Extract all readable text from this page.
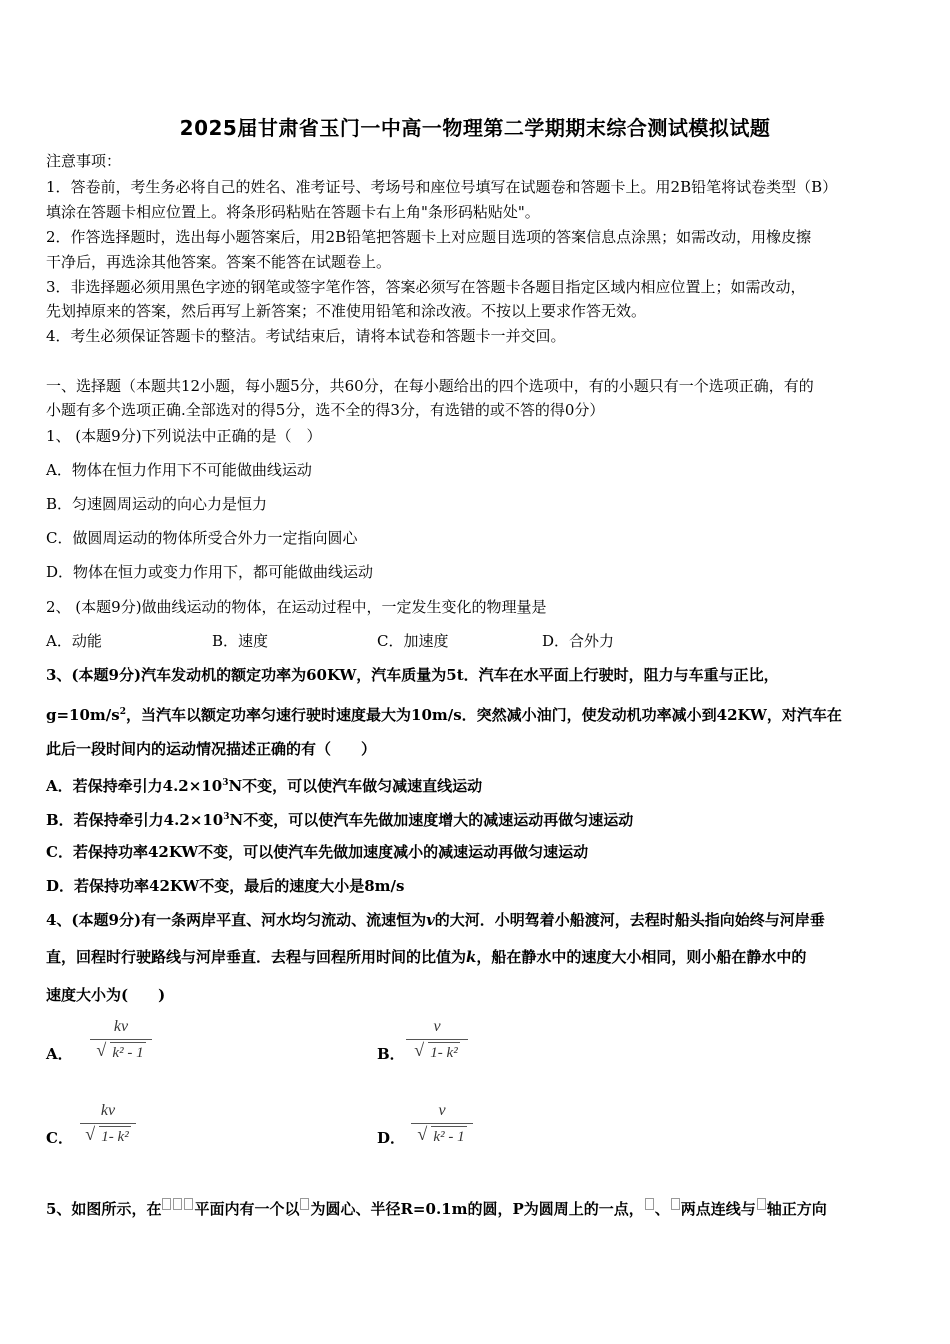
2025届甘肃省玉门一中高一物理第二学期期末综合测试模拟试题
注意事项：
1．答卷前，考生务必将自己的姓名、准考证号、考场号和座位号填写在试题卷和答题卡上。用2B铅笔将试卷类型（B）
填涂在答题卡相应位置上。将条形码粘贴在答题卡右上角"条形码粘贴处"。
2．作答选择题时，选出每小题答案后，用2B铅笔把答题卡上对应题目选项的答案信息点涂黑；如需改动，用橡皮擦
干净后，再选涂其他答案。答案不能答在试题卷上。
3．非选择题必须用黑色字迹的钢笔或签字笔作答，答案必须写在答题卡各题目指定区域内相应位置上；如需改动，
先划掉原来的答案，然后再写上新答案；不准使用铅笔和涂改液。不按以上要求作答无效。
4．考生必须保证答题卡的整洁。考试结束后，请将本试卷和答题卡一并交回。
一、选择题（本题共12小题，每小题5分，共60分，在每小题给出的四个选项中，有的小题只有一个选项正确，有的
小题有多个选项正确.全部选对的得5分，选不全的得3分，有选错的或不答的得0分）
1、 (本题9分)下列说法中正确的是（　）
A．物体在恒力作用下不可能做曲线运动
B．匀速圆周运动的向心力是恒力
C．做圆周运动的物体所受合外力一定指向圆心
D．物体在恒力或变力作用下，都可能做曲线运动
2、 (本题9分)做曲线运动的物体，在运动过程中，一定发生变化的物理量是
A．动能	B．速度	C．加速度	D．合外力
3、(本题9分)汽车发动机的额定功率为60KW，汽车质量为5t．汽车在水平面上行驶时，阻力与车重与正比，
$g=10m/s^2$，当汽车以额定功率匀速行驶时速度最大为10m/s．突然减小油门，使发动机功率减小到42KW，对汽车在
此后一段时间内的运动情况描述正确的有（　　）
A．若保持牵引力$4.2\times 10^3N$不变，可以使汽车做匀减速直线运动
B．若保持牵引力$4.2\times 10^3N$不变，可以使汽车先做加速度增大的减速运动再做匀速运动
C．若保持功率42KW不变，可以使汽车先做加速度减小的减速运动再做匀速运动
D．若保持功率42KW不变，最后的速度大小是8m/s
4、(本题9分)有一条两岸平直、河水均匀流动、流速恒为v的大河．小明驾着小船渡河，去程时船头指向始终与河岸垂
直，回程时行驶路线与河岸垂直．去程与回程所用时间的比值为k，船在静水中的速度大小相同，则小船在静水中的
速度大小为(　　)
A．
kv
√ k² - 1	B．
v
√ 1- k²
C．
kv
√ 1- k²	D．
v
√ k² - 1
5、如图所示，在 平面内有一个以 为圆心、半径R=0.1m的圆，P为圆周上的一点， 、 两点连线与 轴正方向
